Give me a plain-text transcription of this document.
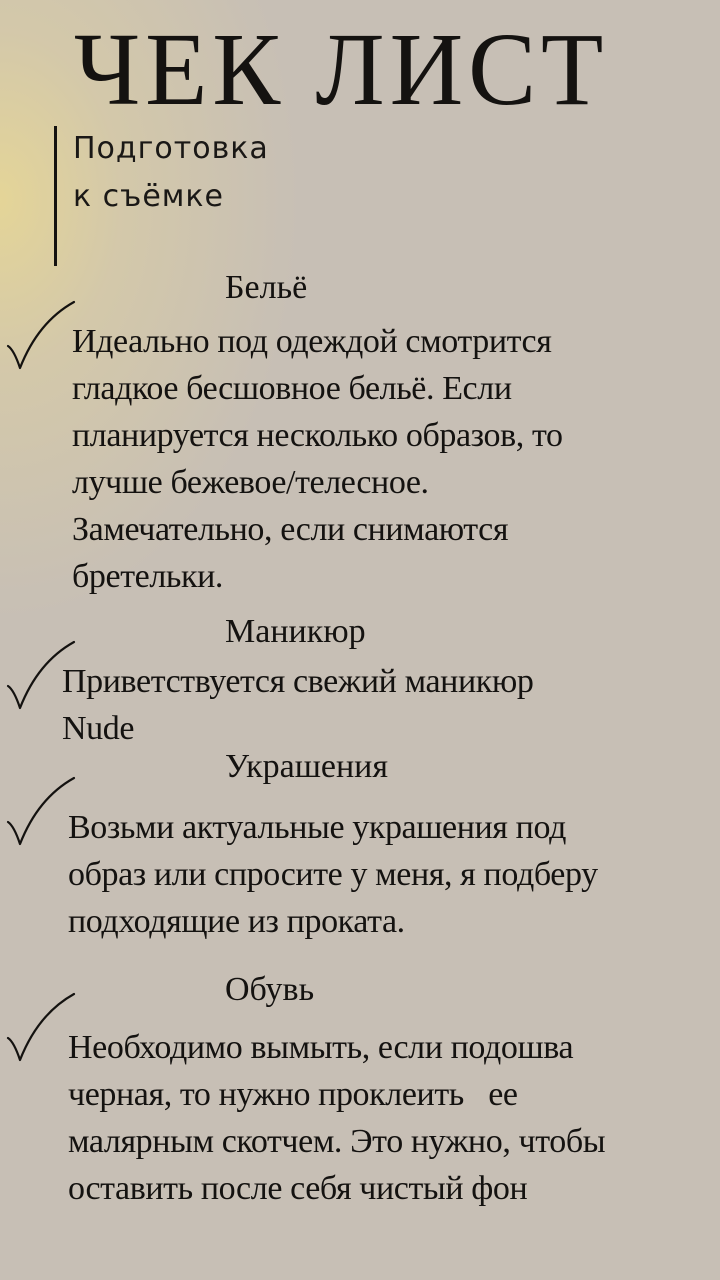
ЧЕК ЛИСТ
Подготовка
к съёмке
Бельё
Идеально под одеждой смотрится
гладкое бесшовное бельё. Если
планируется несколько образов, то
лучше бежевое/телесное.
Замечательно, если снимаются
бретельки.
Маникюр
Приветствуется свежий маникюр
Nude
Украшения
Возьми актуальные украшения под
образ или спросите у меня, я подберу
подходящие из проката.
Обувь
Необходимо вымыть, если подошва
черная, то нужно проклеить   ее
малярным скотчем. Это нужно, чтобы
оставить после себя чистый фон
